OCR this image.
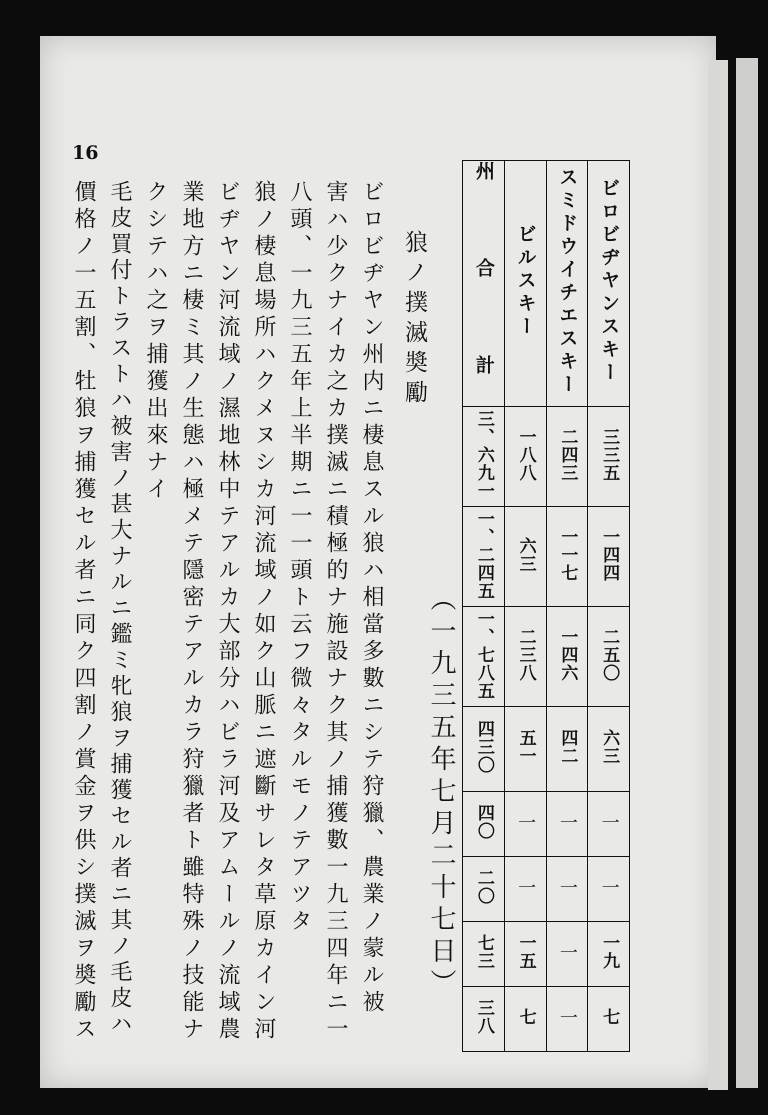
16
狼ノ撲滅奬勵
ビロビヂヤン州内ニ棲息スル狼ハ相當多數ニシテ狩獵、農業ノ蒙ル被
害ハ少クナイカ之カ撲滅ニ積極的ナ施設ナク其ノ捕獲數一九三四年ニ一
八頭、一九三五年上半期ニ一一頭ト云フ微々タルモノテアツタ
狼ノ棲息場所ハクメヌシカ河流域ノ如ク山脈ニ遮斷サレタ草原カイン河
ビヂヤン河流域ノ濕地林中テアルカ大部分ハビラ河及アムールノ流域農
業地方ニ棲ミ其ノ生態ハ極メテ隱密テアルカラ狩獵者ト雖特殊ノ技能ナ
クシテハ之ヲ捕獲出來ナイ
毛皮買付トラストハ被害ノ甚大ナルニ鑑ミ牝狼ヲ捕獲セル者ニ其ノ毛皮ハ
價格ノ一五割、牡狼ヲ捕獲セル者ニ同ク四割ノ賞金ヲ供シ撲滅ヲ奬勵ス	（一九三五年七月二十七日）
州 合 計	ビルスキー	スミドウイチエスキー	ビロビヂヤンスキー
三、六九一	一八八	二四三	三三五
一、二四五	六三	一一七	一四四
一、七八五	二三八	一四六	二五〇
四三〇	五一	四二	六三
四〇	一	一	一
二〇	一	一	一
七三	一五	一	一九
三八	七	一	七
